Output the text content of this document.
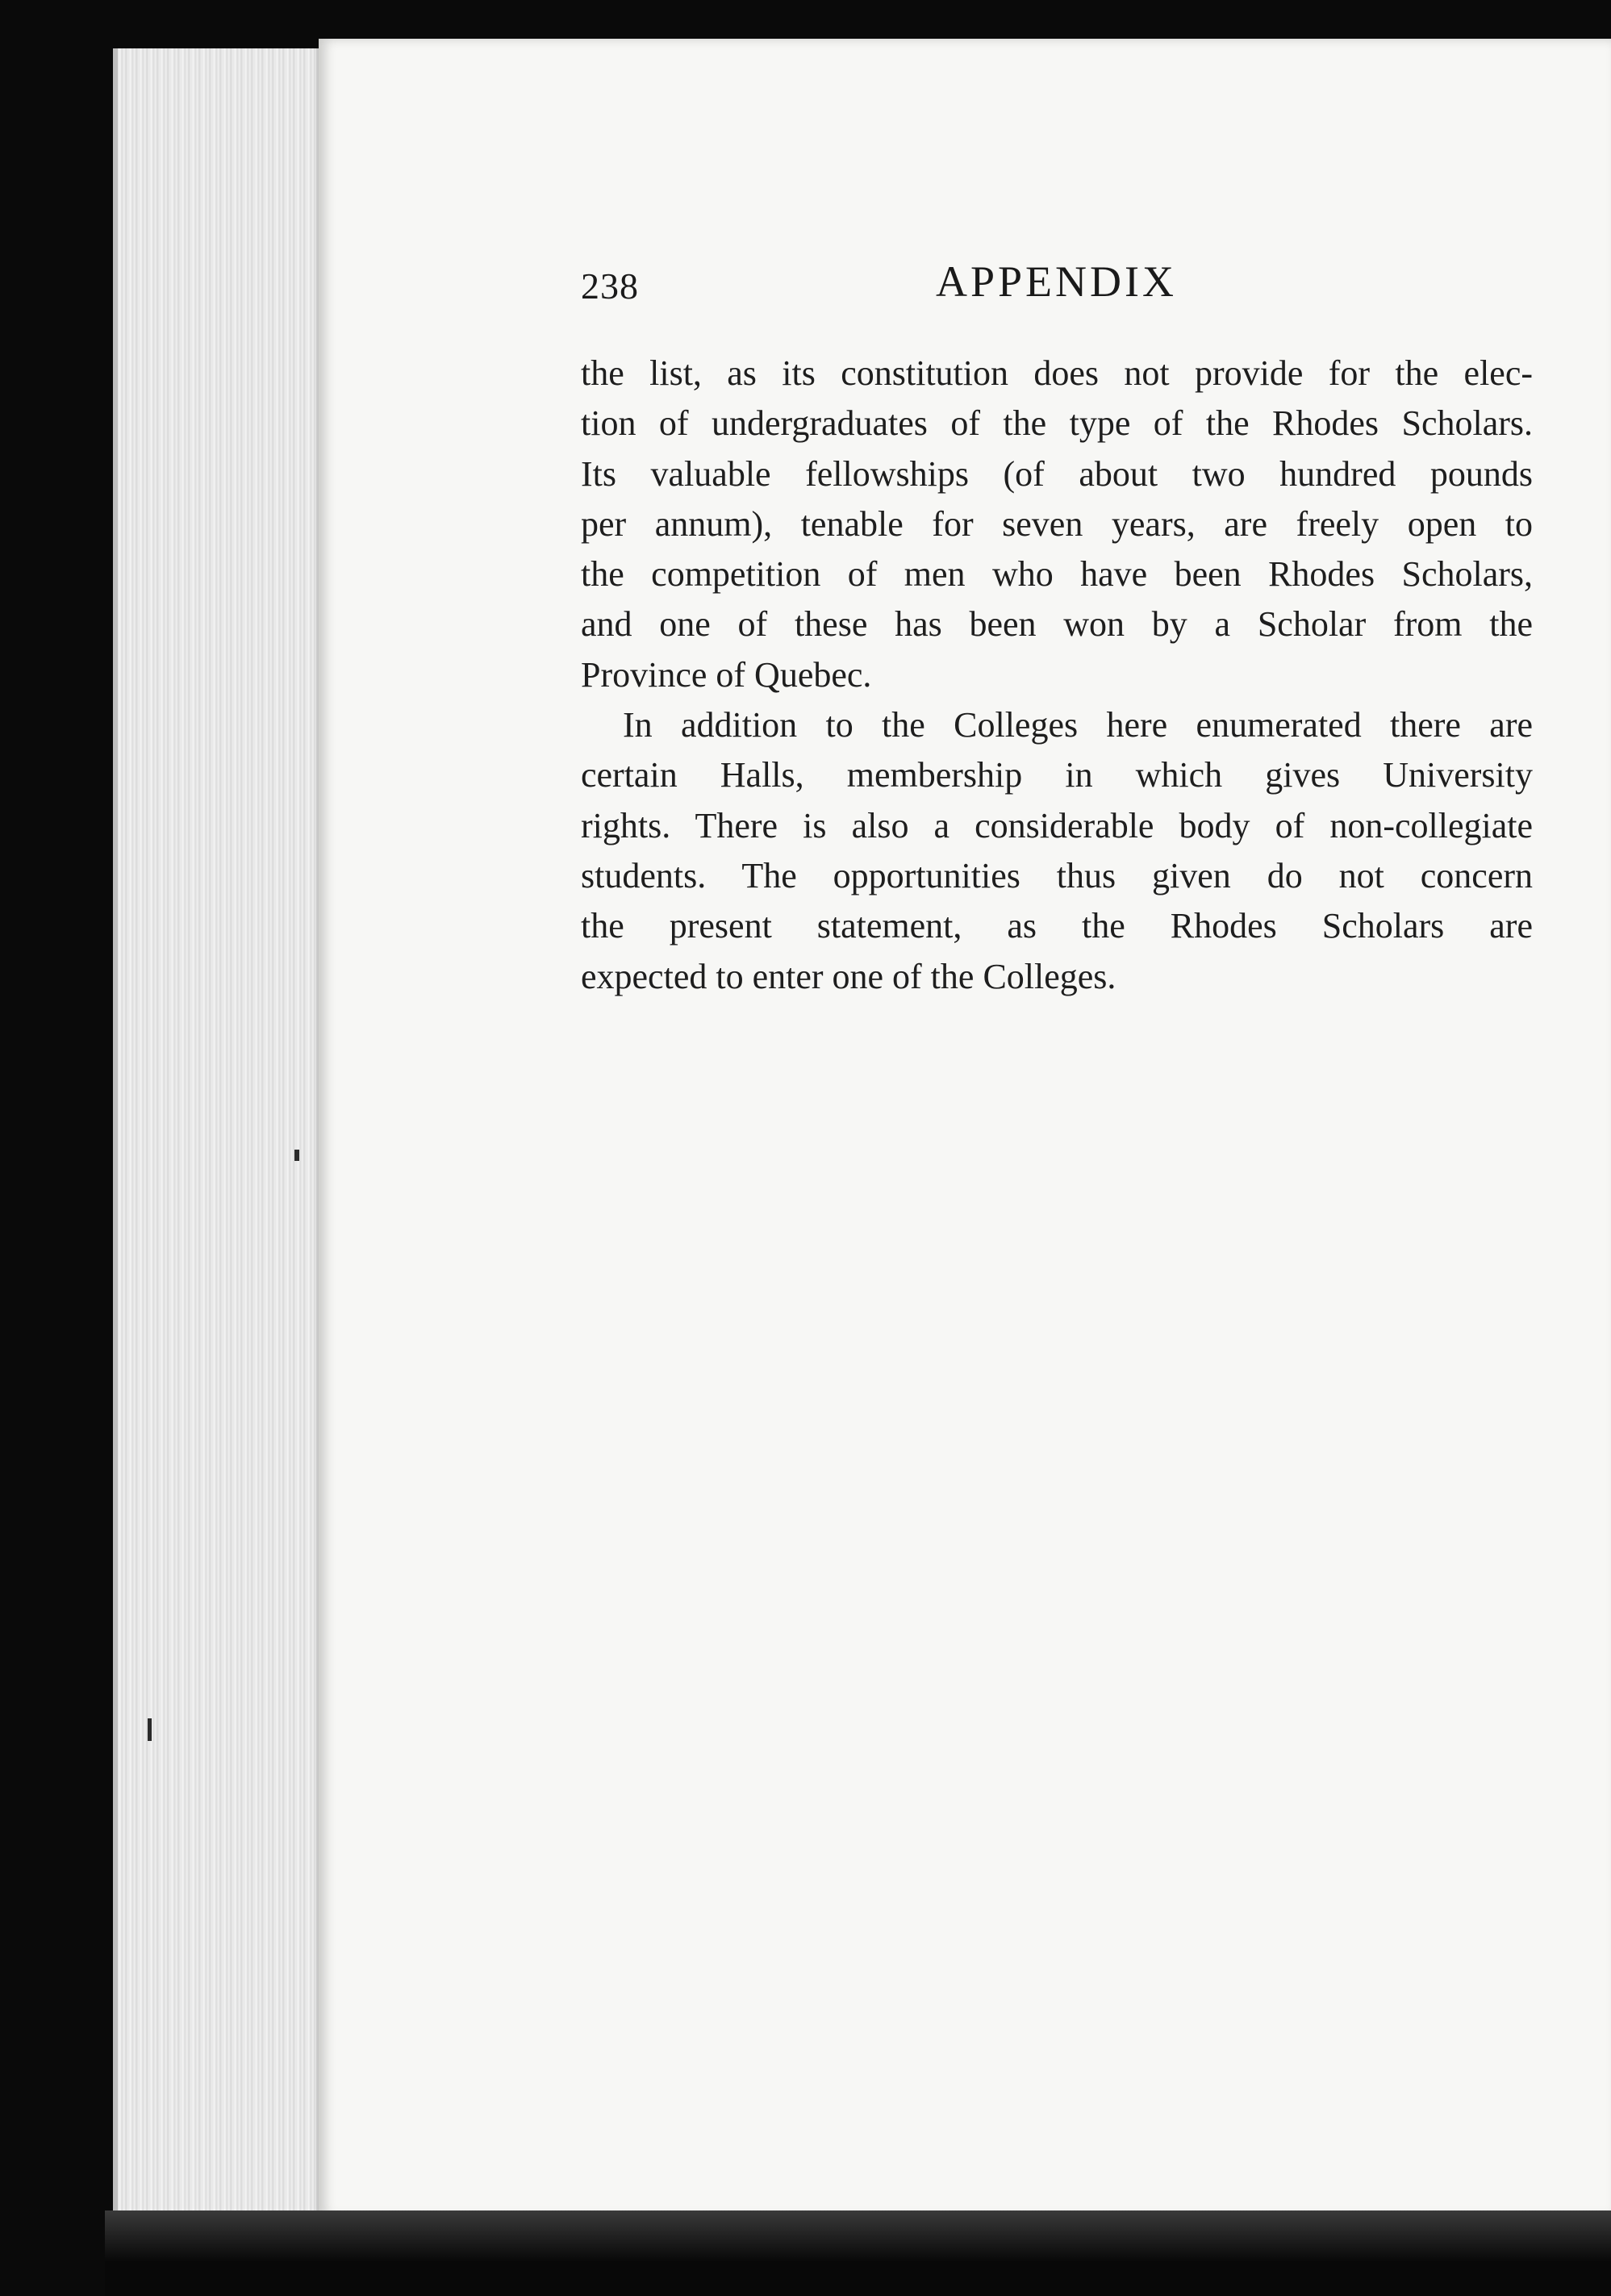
238	APPENDIX

the list, as its constitution does not provide for the elec-
tion of undergraduates of the type of the Rhodes Scholars.
Its valuable fellowships (of about two hundred pounds
per annum), tenable for seven years, are freely open to
the competition of men who have been Rhodes Scholars,
and one of these has been won by a Scholar from the
Province of Quebec.

In addition to the Colleges here enumerated there are
certain Halls, membership in which gives University
rights. There is also a considerable body of non-collegiate
students. The opportunities thus given do not concern
the present statement, as the Rhodes Scholars are
expected to enter one of the Colleges.
